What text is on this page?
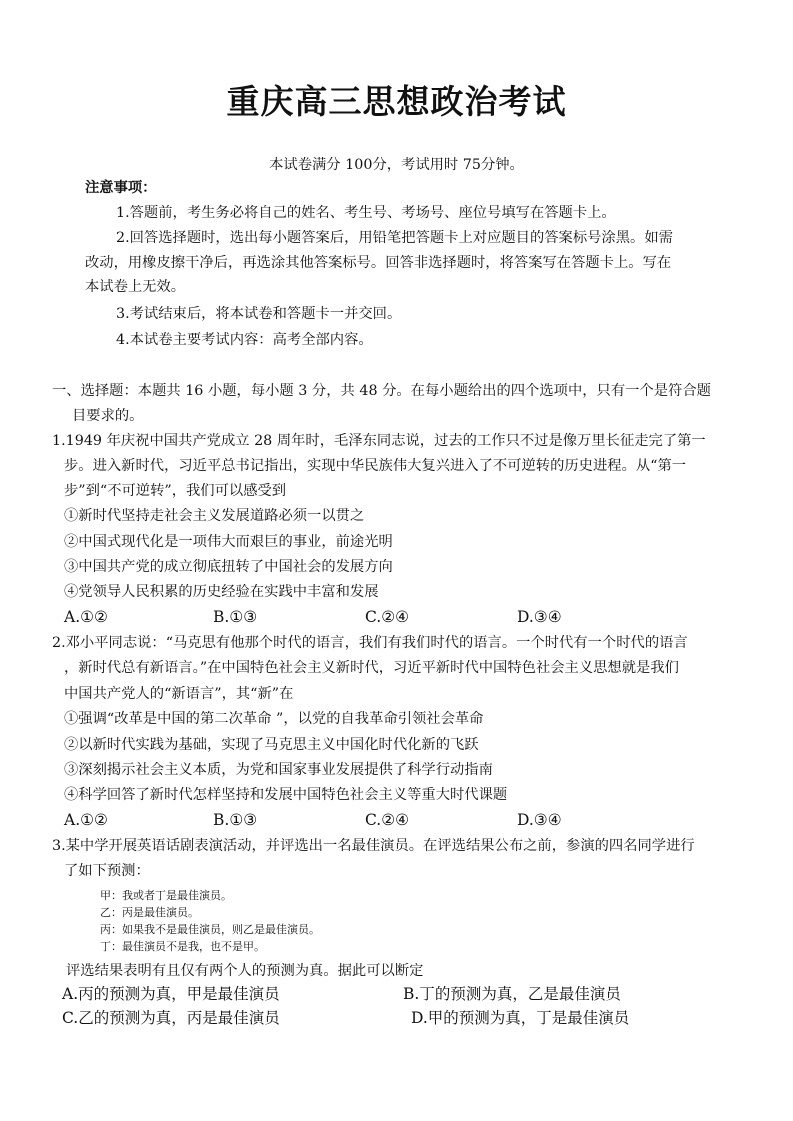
重庆高三思想政治考试
本试卷满分 100分，考试用时 75分钟。
注意事项：
1.答题前，考生务必将自己的姓名、考生号、考场号、座位号填写在答题卡上。
2.回答选择题时，选出每小题答案后，用铅笔把答题卡上对应题目的答案标号涂黑。如需
改动，用橡皮擦干净后，再选涂其他答案标号。回答非选择题时，将答案写在答题卡上。写在
本试卷上无效。
3.考试结束后，将本试卷和答题卡一并交回。
4.本试卷主要考试内容：高考全部内容。
一、选择题：本题共 16 小题，每小题 3 分，共 48 分。在每小题给出的四个选项中，只有一个是符合题
目要求的。
1.1949 年庆祝中国共产党成立 28 周年时，毛泽东同志说，过去的工作只不过是像万里长征走完了第一
步。进入新时代，习近平总书记指出，实现中华民族伟大复兴进入了不可逆转的历史进程。从“第一
步”到“不可逆转”，我们可以感受到
①新时代坚持走社会主义发展道路必须一以贯之
②中国式现代化是一项伟大而艰巨的事业，前途光明
③中国共产党的成立彻底扭转了中国社会的发展方向
④党领导人民积累的历史经验在实践中丰富和发展
A.①②	B.①③	C.②④	D.③④
2.邓小平同志说：“马克思有他那个时代的语言，我们有我们时代的语言。一个时代有一个时代的语言
，新时代总有新语言。”在中国特色社会主义新时代，习近平新时代中国特色社会主义思想就是我们
中国共产党人的“新语言”，其“新”在
①强调“改革是中国的第二次革命 ”，以党的自我革命引领社会革命
②以新时代实践为基础，实现了马克思主义中国化时代化新的飞跃
③深刻揭示社会主义本质，为党和国家事业发展提供了科学行动指南
④科学回答了新时代怎样坚持和发展中国特色社会主义等重大时代课题
A.①②	B.①③	C.②④	D.③④
3.某中学开展英语话剧表演活动，并评选出一名最佳演员。在评选结果公布之前，参演的四名同学进行
了如下预测：
甲：我或者丁是最佳演员。
乙：丙是最佳演员。
丙：如果我不是最佳演员，则乙是最佳演员。
丁：最佳演员不是我，也不是甲。
评选结果表明有且仅有两个人的预测为真。据此可以断定
A.丙的预测为真，甲是最佳演员	B.丁的预测为真，乙是最佳演员
C.乙的预测为真，丙是最佳演员	D.甲的预测为真，丁是最佳演员
